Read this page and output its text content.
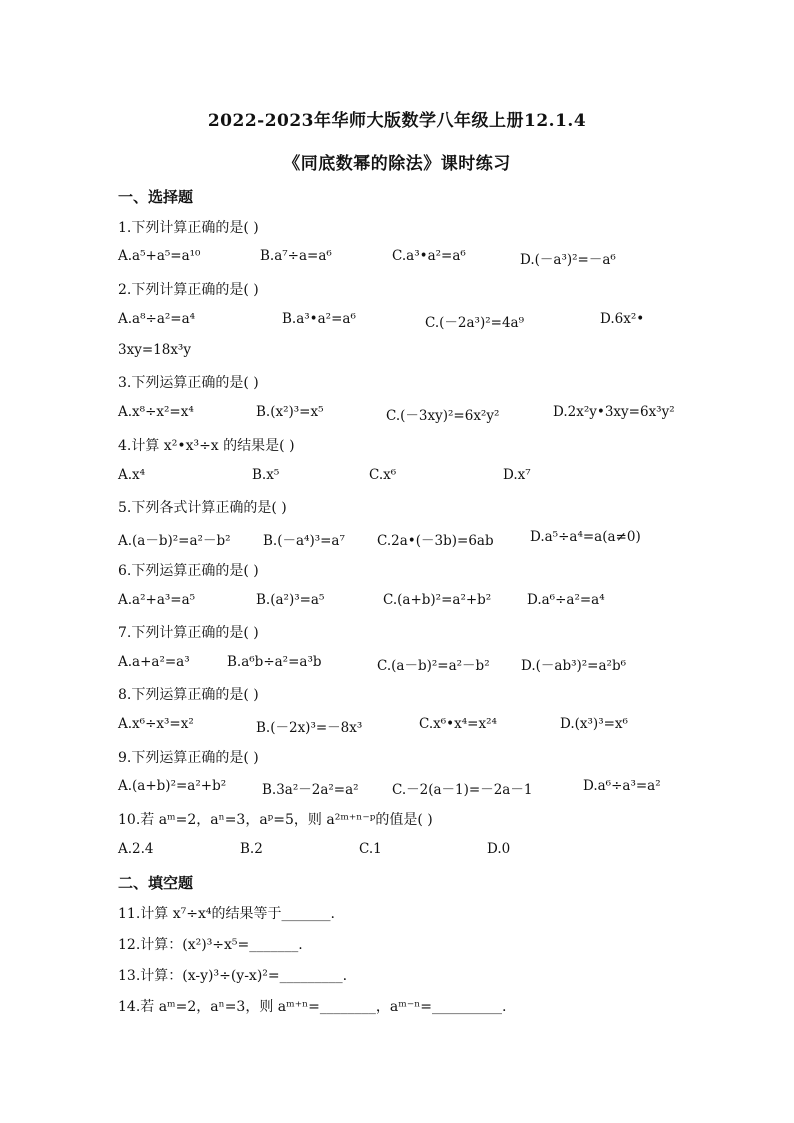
2022-2023年华师大版数学八年级上册12.1.4
《同底数幂的除法》课时练习
一、选择题
1.下列计算正确的是( )
A.a⁵+a⁵=a¹⁰	B.a⁷÷a=a⁶	C.a³•a²=a⁶	D.(－a³)²=－a⁶
2.下列计算正确的是( )
A.a⁸÷a²=a⁴	B.a³•a²=a⁶	C.(－2a³)²=4a⁹	D.6x²•
3xy=18x³y
3.下列运算正确的是( )
A.x⁸÷x²=x⁴	B.(x²)³=x⁵	C.(－3xy)²=6x²y²	D.2x²y•3xy=6x³y²
4.计算 x²•x³÷x 的结果是( )
A.x⁴	B.x⁵	C.x⁶	D.x⁷
5.下列各式计算正确的是( )
A.(a－b)²=a²－b² B.(－a⁴)³=a⁷ C.2a•(－3b)=6ab	D.a⁵÷a⁴=a(a≠0)
6.下列运算正确的是( )
A.a²+a³=a⁵	B.(a²)³=a⁵	C.(a+b)²=a²+b²	D.a⁶÷a²=a⁴
7.下列计算正确的是( )
A.a+a²=a³	B.a⁶b÷a²=a³b	C.(a－b)²=a²－b² D.(－ab³)²=a²b⁶
8.下列运算正确的是( )
A.x⁶÷x³=x²	B.(－2x)³=－8x³	C.x⁶•x⁴=x²⁴	D.(x³)³=x⁶
9.下列运算正确的是( )
A.(a+b)²=a²+b²	B.3a²－2a²=a² C.－2(a－1)=－2a－1	D.a⁶÷a³=a²
10.若 aᵐ=2，aⁿ=3，aᵖ=5，则 a²ᵐ⁺ⁿ⁻ᵖ的值是( )
A.2.4	B.2	C.1	D.0
二、填空题
11.计算 x⁷÷x⁴的结果等于_______.
12.计算：(x²)³÷x⁵=_______.
13.计算：(x-y)³÷(y-x)²=_________.
14.若 aᵐ=2，aⁿ=3，则 aᵐ⁺ⁿ=________，aᵐ⁻ⁿ=__________.
